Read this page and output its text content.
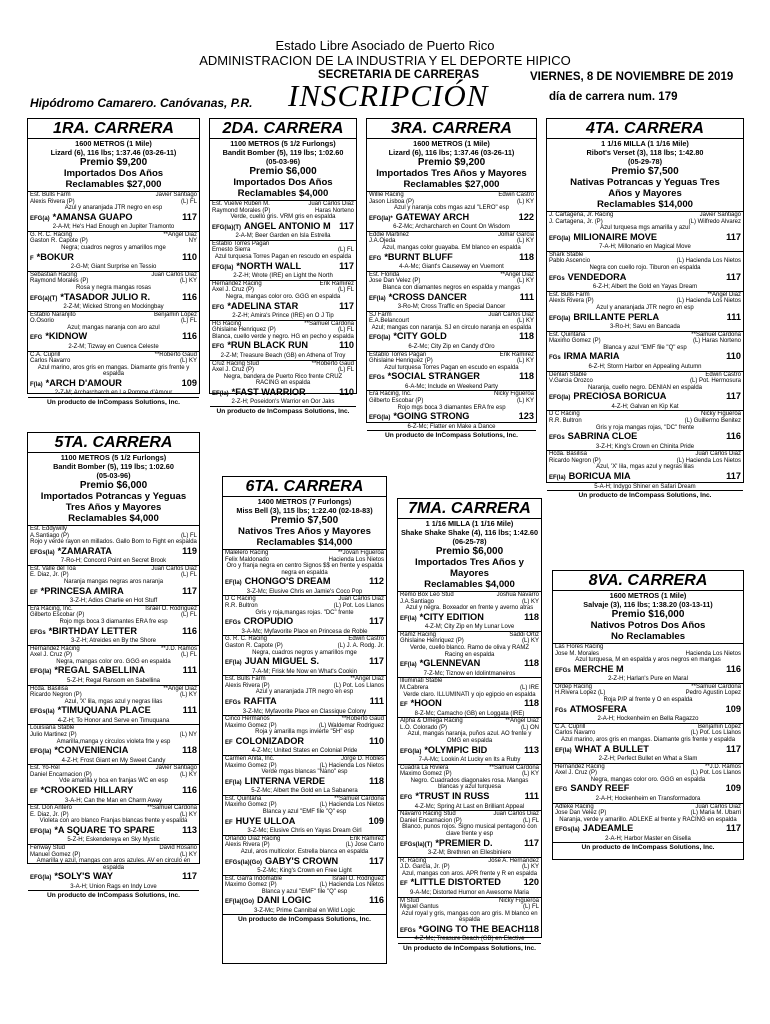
Estado Libre Asociado de Puerto Rico
ADMINISTRACION DE LA INDUSTRIA Y EL DEPORTE HIPICO
SECRETARIA DE CARRERAS	VIERNES, 8 DE NOVIEMBRE DE 2019
Hipódromo Camarero. Canóvanas, P.R. INSCRIPCIÓN	día de carrera num. 179
1RA. CARRERA
1600 METROS (1 Mile)
Lizard (6), 116 lbs; 1:37.46 (03-26-11)
Premio $9,200
Importados Dos Años
Reclamables $27,000
Est. Bulls Farm	Javier Santiago
Alexis Rivera (P)	(L) FL
Azul y anaranjada JTR negro en esp
EFG(a) *AMANSA GUAPO	117
2-A-M; He's Had Enough en Jupiter Tramonto
G. R. C. Racing	**Angel Diaz
Gaston R. Capote (P)	NY
Negra; cuadros negros y amarillos mge
F *BOKUR	110
2-G-M; Giant Surprise en Tessio
Sebastian Racing	Juan Carlos Diaz
Raymond Morales (P)	(L) KY
Rosa y negra mangas rosas
EFG(a)(T) *TASADOR JULIO R.	116
2-Z-M; Wicked Strong en Mockingbay
Establo Naranjito	Benjamin López
O.Osorio	(L) FL
Azul; mangas naranja con aro azul
EFG *KIDNOW	116
2-Z-M; Tizway en Cuenca Celeste
C.A. Cuprill	**Roberto Gaud
Carlos Navarro	(L) KY
Azul marino, aros gris en mangas. Diamante gris frente y espalda
F(la) *ARCH D'AMOUR	109
2-Z-M; Archarcharch en La Pomme d'Amour
Un producto de InCompass Solutions, Inc.
2DA. CARRERA
1100 METROS (5 1/2 Furlongs)
Bandit Bomber (5), 119 lbs; 1:02.60
(05-03-96)
Premio $6,000
Importados Dos Años
Reclamables $4,000
Est. Vuelve Ruben M.	Juan Carlos Diaz
Raymond Morales (P)	Haras Norteno
Verde, cuello gris. VRM gris en espalda
EFG(la)(T) ANGEL ANTONIO M 117
2-A-M; Beer Garden en Isla Estrella
Establo Torres Pagan
Ernesto Sierra	(L) FL
Azul turquesa Torres Pagan en rescudo en espalda
EFG(la) *NORTH WALL	117
2-Z-H; Wrote (IRE) en Light the North
Hernandez Racing	Erik Ramirez
Axel J. Cruz (P)	(L) FL
Negra, mangas color oro. GGG en espalda
EFG *ADELINA STAR	117
2-Z-H; Amira's Prince (IRE) en O J Tip
HG Racing	**Samuel Cardona
Ghislaine Henriquez (P)	(L) FL
Blanca, cuello verde y negro. HG en pecho y espalda
EFG *RUN BLACK RUN	110
2-Z-M; Treasure Beach (GB) en Athena of Troy
Cruz Racing Stud	**Roberto Gaud
Axel J. Cruz (P)	(L) FL
Negra, bandera de Puerto Rico frente CRUZ RACING en espalda
EF(la) *FAST WARRIOR	110
2-Z-H; Poseidon's Warrior en Oor Jaks
Un producto de InCompass Solutions, Inc.
3RA. CARRERA
1600 METROS (1 Mile)
Lizard (6), 116 lbs; 1:37.46 (03-26-11)
Premio $9,200
Importados Tres Años y Mayores
Reclamables $27,000
Willie Racing	Edwin Castro
Jason Lisboa (P)	(L) KY
Azul y naranja cobs mgas azul "LERO" esp
EFG(la)* GATEWAY ARCH	122
6-Z-Mc; Archarcharch en Count On Wisdom
Eddie Martinez	Jomar Garcia
J.A.Ojeda	(L) KY
Azul, mangas color guayaba. EM blanco en espalda
EFG *BURNT BLUFF	118
4-A-Mc; Giant's Causeway en Vuemont
Est. Florida	**Angel Diaz
Jose Dan Velez (P)	(L) KY
Blanca con diamantes negros en espalda y mangas
EF(la) *CROSS DANCER	111
3-Ro-M; Cross Traffic en Special Dancer
SJ Farm	Juan Carlos Diaz
E.A.Belancourt	(L) KY
Azul; mangas con naranja. SJ en circulo naranja en espalda
EFG(la) *CITY GOLD	118
6-Z-Mc; City Zip en Candy d'Oro
Establo Torres Pagan	Erik Ramirez
Ghislaine Henriquez (P)	(L) KY
Azul turquesa Torres Pagan en escudo en espalda
EFGs *SOCIAL STRANGER	118
6-A-Mc; Include en Weekend Party
Era Racing, Inc.	Nicky Figueroa
Gilberto Escobar (P)	(L) KY
Rojo mgs boca 3 diamantes ERA fre esp
EFG(la) *GOING STRONG	123
6-Z-Mc; Flatter en Make a Dance
Un producto de InCompass Solutions, Inc.
4TA. CARRERA
1 1/16 MILLA (1 1/16 Mile)
Ribot's Verset (3), 118 lbs; 1:42.80
(05-29-78)
Premio $7,500
Nativas Potrancas y Yeguas Tres
Años y Mayores
Reclamables $14,000
J. Cartagena, Jr. Racing	Javier Santiago
J. Cartagena, Jr. (P)	(L) Wilfredo Alvarez
Azul turquesa mgs amarilla y azul
EFG(la) MILIONAIRE MOVE	117
7-A-H; Millonario en Magical Move
Shark Stable
Pablo Ascencio	(L) Hacienda Los Nietos
Negra con cuello rojo. Tiburon en espalda
EFGs VENDEDORA	117
6-Z-H; Albert the Gold en Yayas Dream
Est. Bulls Farm	**Angel Diaz
Alexis Rivera (P)	(L) Hacienda Los Nietos
Azul y anaranjada JTR negro en esp
EFG(la) BRILLANTE PERLA	111
3-Ro-H; Savu en Bancada
Est. Quintana	**Samuel Cardona
Maximo Gomez (P)	(L) Haras Norteno
Blanca y azul "EMF file "Q" esp
FGs IRMA MARIA	110
6-Z-H; Storm Harbor en Appealing Autumn
Denlan Stable	Edwin Castro
V.Garcia Orozco	(L) Pot. Hermosura
Naranja, cuello negro. DENIAN en espalda
EFG(la) PRECIOSA BORICUA	117
4-Z-H; Galvan en Kip Kat
D C Racing	Nicky Figueroa
R.R. Bultron	(L) Guillermo Benitez
Gris y roja mangas rojas, "DC" frente
EFGs SABRINA CLOE	116
3-Z-H; King's Crown en Chinita Pride
Hcda. Basilisa	Juan Carlos Diaz
Ricardo Negron (P)	(L) Hacienda Los Nietos
Azul, 'X' lila, mgas azul y negras lilas
EF(la) BORICUA MIA	117
5-A-H; Indygo Shiner en Safari Dream
Un producto de InCompass Solutions, Inc.
5TA. CARRERA
1100 METROS (5 1/2 Furlongs)
Bandit Bomber (5), 119 lbs; 1:02.60
(05-03-96)
Premio $6,000
Importados Potrancas y Yeguas
Tres Años y Mayores
Reclamables $4,000
Est. Eddywilly
A.Santiago (P)	(L) FL
Rojo y verde rayon en millados. Gallo Born to Fight en espalda
EFGs(la) *ZAMARATA	119
7-Ro-H; Concord Point en Secret Brook
Est. Valle del Toa	Juan Carlos Diaz
E. Diaz, Jr. (P)	(L) FL
Naranja mangas negras aros naranja
EF *PRINCESA AMIRA	117
3-Z-H; Adios Charlie en Hot Stuff
Era Racing, Inc.	Israel O. Rodriguez
Gilberto Escobar (P)	(L) FL
Rojo mgs boca 3 diamantes ERA fre esp
EFGs *BIRTHDAY LETTER	116
3-Z-H; Atreides en By the Shore
Hernandez Racing	**J.D. Ramos
Axel J. Cruz (P)	(L) FL
Negra, mangas color oro. GGG en espalda
EFG(la) *REGAL SABELLINA	111
5-Z-H; Regal Ransom en Sabellina
Hcda. Basilisa	**Angel Diaz
Ricardo Negron (P)	(L) KY
Azul, 'X' lila, mgas azul y negras lilas
EFGs(la) *TIMUQUANA PLACE	111
4-Z-H; To Honor and Serve en Timuquana
Louisiana Stable
Julio Martinez (P)	(L) NY
Amarilla,manga y circulos violeta frte y esp
EFG(la) *CONVENIENCIA	118
4-Z-H; Frost Giant en My Sweet Candy
Est. Yo-Rel	Javier Santiago
Daniel Encarnacion (P)	(L) KY
Vde amarilla y bca en franjas WC en esp
EF *CROOKED HILLARY	116
3-A-H; Can the Man en Charm Away
Est. Don Antero	**Samuel Cardona
E. Diaz, Jr. (P)	(L) KY
Violeta con aro blanco Franjas blancas frente y espalda
EFG(la) *A SQUARE TO SPARE	113
5-Z-H; Eskendereya en Sky Mystic
Fenway Stud	David Rosario
Manuel Gomez (P)	(L) KY
Amarilla y azul, mangas con aros azules. AV en circulo en espalda
EFG(la) *SOLY'S WAY	117
3-A-H; Union Rags en Indy Love
Un producto de InCompass Solutions, Inc.
6TA. CARRERA
1400 METROS (7 Furlongs)
Miss Bell (3), 115 lbs; 1:22.40 (02-18-83)
Premio $7,500
Nativos Tres Años y Mayores
Reclamables $14,000
Malelero Racing	**Jovan Figueroa
Felix Maldonado	Hacienda Los Nietos
Oro y franja negra en centro Signos $$ en frente y espalda negra en espalda
EF(la) CHONGO'S DREAM	112
3-Z-Mc; Elusive Chris en Jamie's Coco Pop
D C Racing	Juan Carlos Diaz
R.R. Bultron	(L) Pot. Los Llanos
Gris y roja,mangas rojas. "DC" frente
EFGs CROPUDIO	117
3-A-Mc; Myfavorite Place en Princesa de Roble
G. R. C. Racing	Edwin Castro
Gaston R. Capote (P)	(L) J. A. Rodg. Jr.
Negra, cuadros negros y amarillos mge
EF(la) JUAN MIGUEL S.	117
7-A-M; Frisk Me Now en What's Cookin
Est. Bulls Farm	**Angel Diaz
Alexis Rivera (P)	(L) Pot. Los Llanos
Azul y anaranjada JTR negro en esp
EFGs RAFITA	111
3-Z-Mc; Myfavorite Place en Classique Colony
Cinco Hermanos	**Roberto Gaud
Maximo Gomez (P)	(L) Waldemar Rodriguez
Roja y amarilla mgs invierte "5H" esp
EF COLONIZADOR	110
4-Z-Mc; United States en Colonial Pride
Carmen Anita, Inc.	Jorge D. Robles
Maximo Gomez (P)	(L) Hacienda Los Nietos
Verde mgas blancas "Nano" esp
EF(la) LINTERNA VERDE	118
5-Z-Mc; Albert the Gold en La Sabanera
Est. Quintana	**Samuel Cardona
Maximo Gomez (P)	(L) Hacienda Los Nietos
Blanca y azul "EMF file "Q" esp
EF HUYE ULLOA	109
3-Z-Mc; Elusive Chris en Yayas Dream Girl
Orlando Diaz Racing	Erik Ramirez
Alexis Rivera (P)	(L) Jose Carro
Azul, aros multicolor. Estrella blanca en espalda
EFGs(la)(Go) GABY'S CROWN	117
5-Z-Mc; King's Crown en Free Light
Est. Garra Indomable	Israel O. Rodriguez
Maximo Gomez (P)	(L) Hacienda Los Nietos
Blanca y azul "EMF" file "Q" esp
EF(la)(Go) DANI LOGIC	116
3-Z-Mc; Prime Cannibal en Wild Logic
Un producto de InCompass Solutions, Inc.
7MA. CARRERA
1 1/16 MILLA (1 1/16 Mile)
Shake Shake Shake (4), 116 lbs; 1:42.60
(06-25-78)
Premio $6,000
Importados Tres Años y Mayores
Reclamables $4,000
Remo Box Leo Stud	Joshua Navarro
J.A.Santiago	(L) KY
Azul y negra. Boxeador en frente y averno atras
EF(la) *CITY EDITION	118
4-Z-M; City Zip en My Lunar Love
Ramz Racing	Saddi Ortiz
Ghislaine Henriquez (P)	(L) KY
Verde, cuello blanco. Ramo de oliva y RAMZ Racing en espalda
EF(la) *GLENNEVAN	118
7-Z-Mc; Tiznow en Idolintmaneiros
Illuminati Stable
M.Cabrera	(L) IRE
Verde claro. ILLUMINATI y ojo egipcio en espalda
EF *HOON	118
8-Z-Mc; Camacho (GB) en Loggata (IRE)
Alpha & Omega Racing	**Angel Diaz
L.O. Colorado (P)	(L) ON
Azul, mangas naranja, puños azul. AO frente y OMG en espalda
EFG(la) *OLYMPIC BID	113
7-A-Mc; Lookin At Lucky en Its a Ruby
Cuadra La Riviera	**Samuel Cardona
Maximo Gomez (P)	(L) KY
Negro. Cuadrados diagonales rosa. Mangas blancas y azul turquesa
EFG *TRUST IN RUSS	111
4-Z-Mc; Spring At Last en Brilliant Appeal
Navarro Racing Stud	Juan Carlos Diaz
Daniel Encarnacion (P)	(L) FL
Blanco, punos rojos. Signo musical pentagono con clave frente y esp
EFGs(la)(T) *PREMIER D.	117
3-Z-M; Brethren en Ellesbiniere
R. Racing	Jose A. Hernández
J.D. García, Jr. (P)	(L) KY
Azul, mangas con aros. APR frente y R en espalda
EF *LITTLE DISTORTED 120
9-A-Mc; Distorted Humor en Awesome Maria
M Stud	Nicky Figueroa
Miguel Gantus	(L) FL
Azul royal y gris, mangas con aro gris. M blanco en espalda
EFGs *GOING TO THE BEACH 118
4-Z-Mc; Treasure Beach (GB) en Elective
Un producto de InCompass Solutions, Inc.
8VA. CARRERA
1600 METROS (1 Mile)
Salvaje (3), 116 lbs; 1:38.20 (03-13-11)
Premio $16,000
Nativos Potros Dos Años
No Reclamables
Las Flores Racing
Jose M. Morales	Hacienda Los Nietos
Azul turquesa, M en espalda y aros negros en mangas
EFGs MERCHE M	116
2-Z-H; Harlan's Pure en Maral
Ordep Racing	**Samuel Cardona
H.Rivera Lopez (L)	Pedro Agustin Lopez
Roja P/P al frente y O en espalda
FGs ATMOSFERA	109
2-A-H; Hockenheim en Bella Ragazzo
C.A. Cuprill	Benjamin López
Carlos Navarro	(L) Pot. Los Llanos
Azul marino, aros gris en mangas. Diamante gris frente y espalda
EF(la) WHAT A BULLET	117
2-Z-H; Perfect Bullet en What a Slam
Hernandez Racing	**J.D. Ramos
Axel J. Cruz (P)	(L) Pot. Los Llanos
Negra, mangas color oro. GGG en espalda
EFG SANDY REEF	109
2-A-H; Hockenheim en Transformadora
Adleke Racing	Juan Carlos Diaz
Jose Dan Velez (P)	(L) Maria M. Ubarri
Naranja, verde y amarillo. ADLEKE al frente y RACING en espalda
EFGs(la) JADEAMLE	117
2-A-H; Harbor Master en Gisella
Un producto de InCompass Solutions, Inc.
